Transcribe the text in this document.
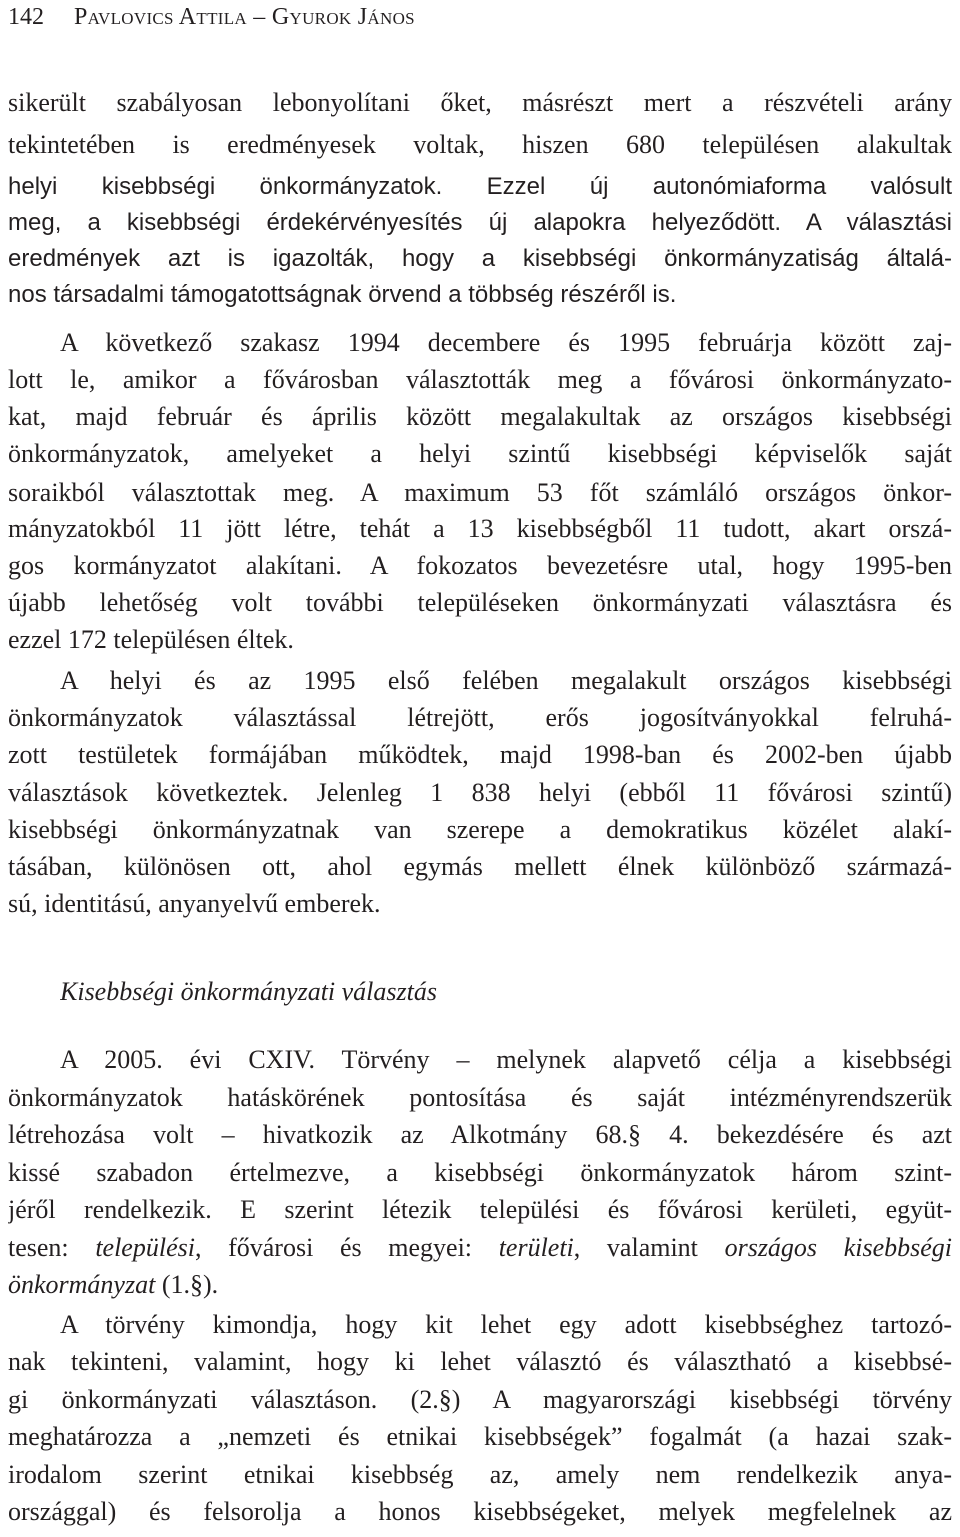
142 Pavlovics Attila – Gyurok János
sikerült szabályosan lebonyolítani őket, másrészt mert a részvételi arány
tekintetében is eredményesek voltak, hiszen 680 településen alakultak
helyi kisebbségi önkormányzatok. Ezzel új autonómiaforma valósult
meg, a kisebbségi érdekérvényesítés új alapokra helyeződött. A választási
eredmények azt is igazolták, hogy a kisebbségi önkormányzatiság általá-
nos társadalmi támogatottságnak örvend a többség részéről is.
A következő szakasz 1994 decembere és 1995 februárja között zaj-
lott le, amikor a fővárosban választották meg a fővárosi önkormányzato-
kat, majd február és április között megalakultak az országos kisebbségi
önkormányzatok, amelyeket a helyi szintű kisebbségi képviselők saját
soraikból választottak meg. A maximum 53 főt számláló országos önkor-
mányzatokból 11 jött létre, tehát a 13 kisebbségből 11 tudott, akart orszá-
gos kormányzatot alakítani. A fokozatos bevezetésre utal, hogy 1995-ben
újabb lehetőség volt további településeken önkormányzati választásra és
ezzel 172 településen éltek.
A helyi és az 1995 első felében megalakult országos kisebbségi
önkormányzatok választással létrejött, erős jogosítványokkal felruhá-
zott testületek formájában működtek, majd 1998-ban és 2002-ben újabb
választások következtek. Jelenleg 1 838 helyi (ebből 11 fővárosi szintű)
kisebbségi önkormányzatnak van szerepe a demokratikus közélet alakí-
tásában, különösen ott, ahol egymás mellett élnek különböző származá-
sú, identitású, anyanyelvű emberek.
Kisebbségi önkormányzati választás
A 2005. évi CXIV. Törvény – melynek alapvető célja a kisebbségi
önkormányzatok hatáskörének pontosítása és saját intézményrendszerük
létrehozása volt – hivatkozik az Alkotmány 68.§ 4. bekezdésére és azt
kissé szabadon értelmezve, a kisebbségi önkormányzatok három szint-
jéről rendelkezik. E szerint létezik települési és fővárosi kerületi, együt-
tesen: települési, fővárosi és megyei: területi, valamint országos kisebbségi
önkormányzat (1.§).
A törvény kimondja, hogy kit lehet egy adott kisebbséghez tartozó-
nak tekinteni, valamint, hogy ki lehet választó és választható a kisebbsé-
gi önkormányzati választáson. (2.§) A magyarországi kisebbségi törvény
meghatározza a „nemzeti és etnikai kisebbségek” fogalmát (a hazai szak-
irodalom szerint etnikai kisebbség az, amely nem rendelkezik anya-
országgal) és felsorolja a honos kisebbségeket, melyek megfelelnek az
